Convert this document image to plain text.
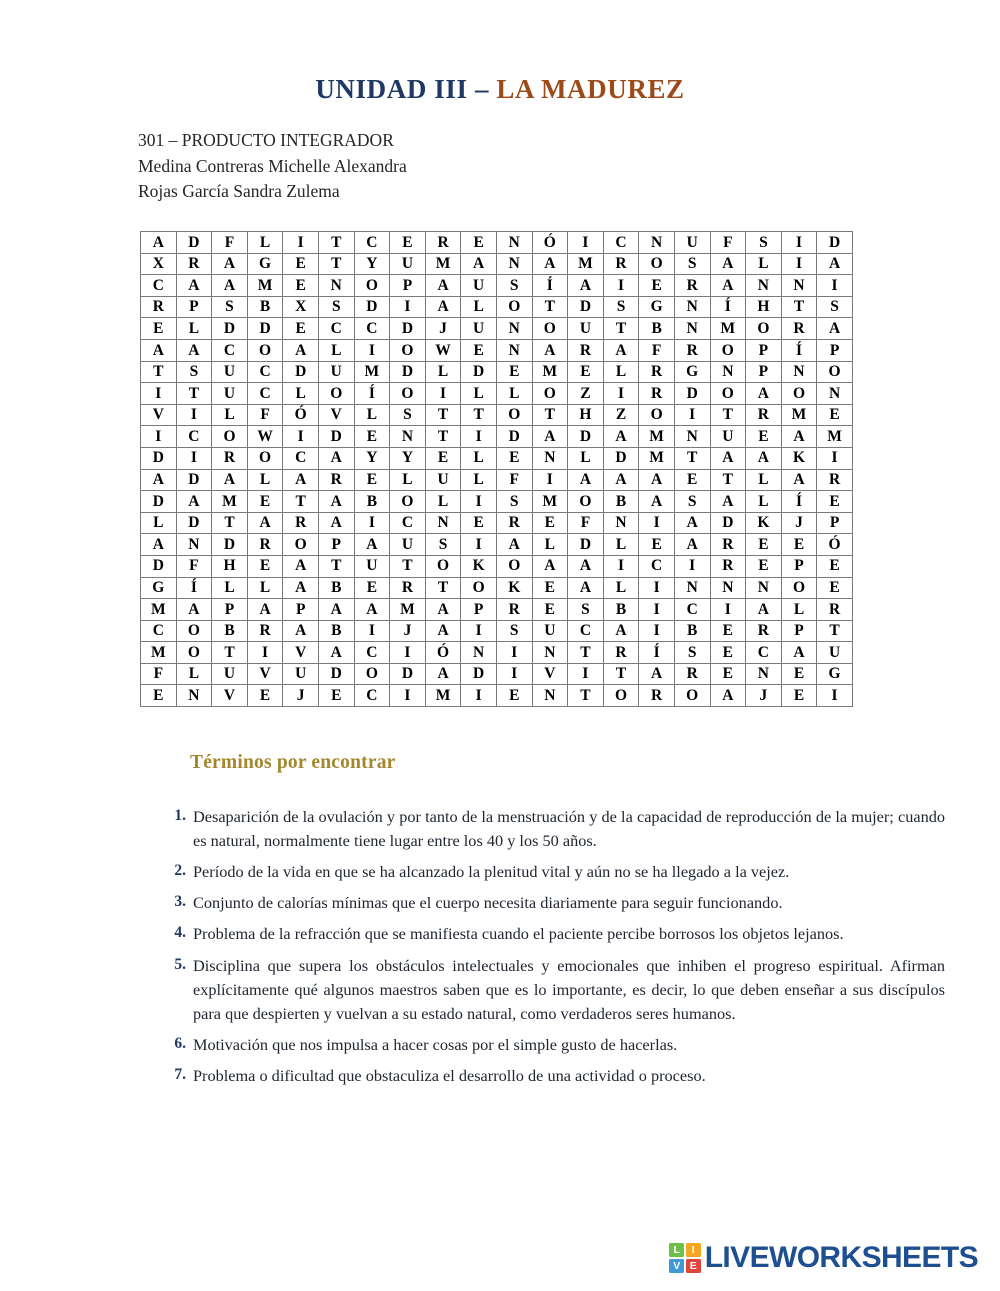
UNIDAD III – LA MADUREZ
301 – PRODUCTO INTEGRADOR
Medina Contreras Michelle Alexandra
Rojas García Sandra Zulema
A	D	F	L	I	T	C	E	R	E	N	Ó	I	C	N	U	F	S	I	D
X	R	A	G	E	T	Y	U	M	A	N	A	M	R	O	S	A	L	I	A
C	A	A	M	E	N	O	P	A	U	S	Í	A	I	E	R	A	N	N	I
R	P	S	B	X	S	D	I	A	L	O	T	D	S	G	N	Í	H	T	S
E	L	D	D	E	C	C	D	J	U	N	O	U	T	B	N	M	O	R	A
A	A	C	O	A	L	I	O	W	E	N	A	R	A	F	R	O	P	Í	P
T	S	U	C	D	U	M	D	L	D	E	M	E	L	R	G	N	P	N	O
I	T	U	C	L	O	Í	O	I	L	L	O	Z	I	R	D	O	A	O	N
V	I	L	F	Ó	V	L	S	T	T	O	T	H	Z	O	I	T	R	M	E
I	C	O	W	I	D	E	N	T	I	D	A	D	A	M	N	U	E	A	M
D	I	R	O	C	A	Y	Y	E	L	E	N	L	D	M	T	A	A	K	I
A	D	A	L	A	R	E	L	U	L	F	I	A	A	A	E	T	L	A	R
D	A	M	E	T	A	B	O	L	I	S	M	O	B	A	S	A	L	Í	E
L	D	T	A	R	A	I	C	N	E	R	E	F	N	I	A	D	K	J	P
A	N	D	R	O	P	A	U	S	I	A	L	D	L	E	A	R	E	E	Ó
D	F	H	E	A	T	U	T	O	K	O	A	A	I	C	I	R	E	P	E
G	Í	L	L	A	B	E	R	T	O	K	E	A	L	I	N	N	N	O	E
M	A	P	A	P	A	A	M	A	P	R	E	S	B	I	C	I	A	L	R
C	O	B	R	A	B	I	J	A	I	S	U	C	A	I	B	E	R	P	T
M	O	T	I	V	A	C	I	Ó	N	I	N	T	R	Í	S	E	C	A	U
F	L	U	V	U	D	O	D	A	D	I	V	I	T	A	R	E	N	E	G
E	N	V	E	J	E	C	I	M	I	E	N	T	O	R	O	A	J	E	I
Términos por encontrar
1. Desaparición de la ovulación y por tanto de la menstruación y de la capacidad de reproducción de la mujer; cuando es natural, normalmente tiene lugar entre los 40 y los 50 años.
2. Período de la vida en que se ha alcanzado la plenitud vital y aún no se ha llegado a la vejez.
3. Conjunto de calorías mínimas que el cuerpo necesita diariamente para seguir funcionando.
4. Problema de la refracción que se manifiesta cuando el paciente percibe borrosos los objetos lejanos.
5. Disciplina que supera los obstáculos intelectuales y emocionales que inhiben el progreso espiritual. Afirman explícitamente qué algunos maestros saben que es lo importante, es decir, lo que deben enseñar a sus discípulos para que despierten y vuelvan a su estado natural, como verdaderos seres humanos.
6. Motivación que nos impulsa a hacer cosas por el simple gusto de hacerlas.
7. Problema o dificultad que obstaculiza el desarrollo de una actividad o proceso.
L	I
V E LIVEWORKSHEETS
